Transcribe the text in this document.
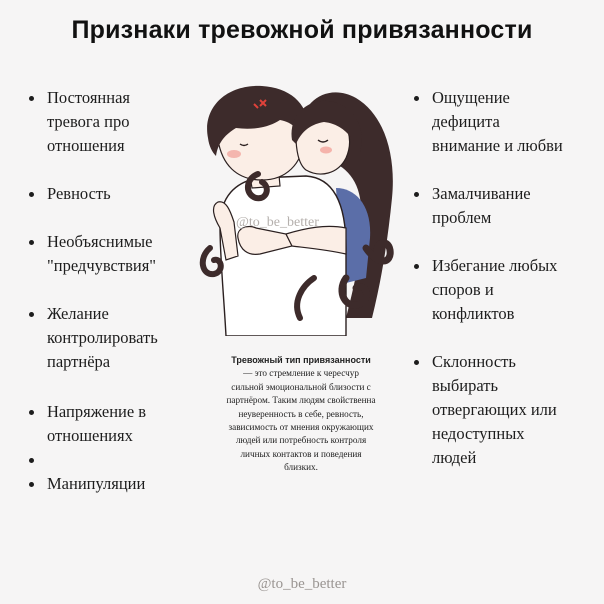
Признаки тревожной привязанности
Постоянная
тревога про
отношения
Ревность
Необъяснимые
"предчувствия"
Желание
контролировать
партнёра
Напряжение в
отношениях
Манипуляции
Ощущение
дефицита
внимание и любви
Замалчивание
проблем
Избегание любых
споров и
конфликтов
Склонность
выбирать
отвергающих или
недоступных
людей
@to_be_better
Тревожный тип привязанности — это стремление к чересчур сильной эмоциональной близости с партнёром. Таким людям свойственна неуверенность в себе, ревность, зависимость от мнения окружающих людей или потребность контроля личных контактов и поведения близких.
@to_be_better
